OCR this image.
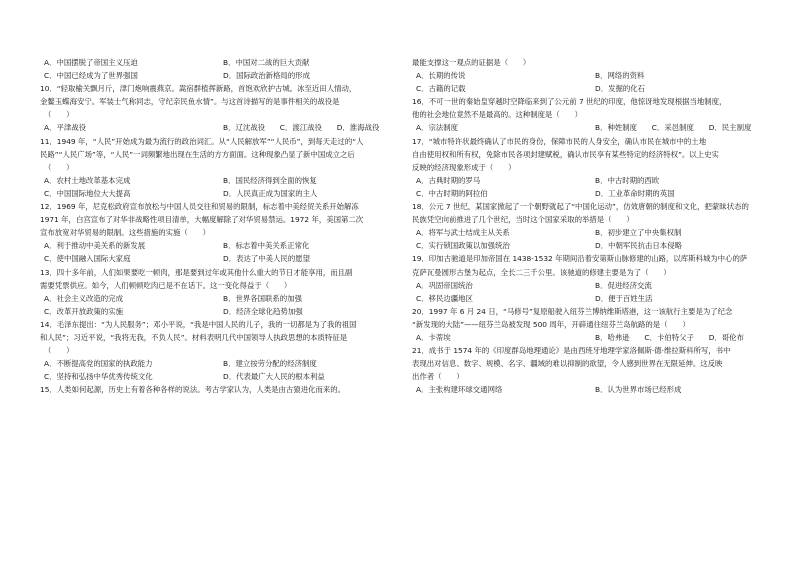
A．中国摆脱了帝国主义压迫	B．中国对二战的巨大贡献
C．中国已经成为了世界强国	D．国际政治新格局的形成
10．“轻取榆关飘月斤，津门炮响震燕京。嵩宿群植挥新路，首饱欢欣护古城。冰至近田人情动，
金鳌玉蝶海安宁。军装士气称同志，守纪亲民鱼水情”。与这首诗描写的是事件相关的战役是
（　　）
A．平津战役	B．辽沈战役　　C．渡江战役　　D．淮海战役
11．1949 年，“人民”开始成为最为流行的政治词汇。从“人民解放军”“人民币”，到每天走过的“人
民路”“人民广场”等，“人民”一词频繁地出现在生活的方方面面。这种现象凸显了新中国成立之后
（　　）
A．农村土地改革基本完成	B．国民经济得到全面的恢复
C．中国国际地位大大提高	D．人民真正成为国家的主人
12．1969 年，尼克松政府宣布放松与中国人员交往和贸易的限制，标志着中美经贸关系开始解冻
1971 年，白宫宣布了对华非战略性项目清单，大幅度解除了对华贸易禁运。1972 年，美国第二次
宣布放宽对华贸易的限制。这些措施的实施（　　）
A．利于推动中美关系的新发展	B．标志着中美关系正常化
C．使中国融入国际大家庭	D．表达了中美人民的愿望
13．四十多年前，人们如果要吃一顿肉，那是要到过年或其他什么重大的节日才能享用，而且副
需要凭票供应。如今，人们顿顿吃肉已是不在话下。这一变化得益于（　　）
A．社会主义改造的完成	B．世界各国联系的加强
C．改革开放政策的实施	D．经济全球化趋势加强
14．毛泽东提出：“为人民服务”；邓小平说，“我是中国人民的儿子，我的一切都是为了我的祖国
和人民”；习近平说，“我将无我，不负人民”。材料表明几代中国领导人执政思想的本质特征是
（　　）
A．不断提高党的国家的执政能力	B．建立按劳分配的经济制度
C．坚持和弘扬中华优秀传统文化	D．代表最广大人民的根本利益
15．人类如何起源，历史上有着各种各样的说法。考古学家认为，人类是由古猿进化而来的。
最能支撑这一观点的证据是（　　）
A．长期的传说	B．网络的资料
C．古籍的记载	D．发掘的化石
16．不可一世的秦始皇穿越时空降临来到了公元前 7 世纪的印度，他惊讶地发现根据当地制度，
他的社会地位竟然不是最高的。这种制度是（　　）
A．宗法制度	B．种姓制度　　C．采邑制度　　D．民主制度
17．“城市特许状最终确认了市民的身份，保障市民的人身安全，确认市民在城市中的土地
自由使用权和所有权，免除市民各项封建赋税，确认市民享有某些特定的经济特权”。以上史实
反映的经济现象形成于（　　）
A．古典时期的罗马	B．中古时期的西欧
C．中古时期的阿拉伯	D．工业革命时期的英国
18．公元 7 世纪，某国家掀起了一个朝野就起了“中国化运动”，仿效唐朝的制度和文化，把蒙昧状态的
民族凭空向前推进了几个世纪，当时这个国家采取的举措是（　　）
A．将军与武士结成主从关系	B．初步建立了中央集权制
C．实行锁国政策以加强统治	D．中朝军民抗击日本侵略
19．印加古驰道是印加帝国在 1438-1532 年期间沿着安第斯山脉修建的山路，以库斯科城为中心的萨
克萨瓦曼圆形古堡为起点，全长二三千公里。该驰道的修建主要是为了（　　）
A．巩固帝国统治	B．促进经济交流
C．移民边疆地区	D．便于百姓生活
20．1997 年 6 月 24 日，“马修号”复原船驶入纽芬兰博纳维斯塔港，这一该航行主要是为了纪念
“新发现的大陆”——纽芬兰岛被发现 500 周年，开辟通往纽芬兰岛航路的是（　　）
A．卡蒂埃	B．哈弗逊　　C．卡伯特父子　　D．哥伦布
21．成书于 1574 年的《印度群岛地理通论》是由西班牙地理学家洛佩斯·德·维拉斯科所写，书中
表现出对信息、数字、规模、名字、疆域的难以抑制的欲望，令人感到世界在无限延伸。这反映
出作者（　　）
A．主张构建环球交通网络	B．认为世界市场已经形成
